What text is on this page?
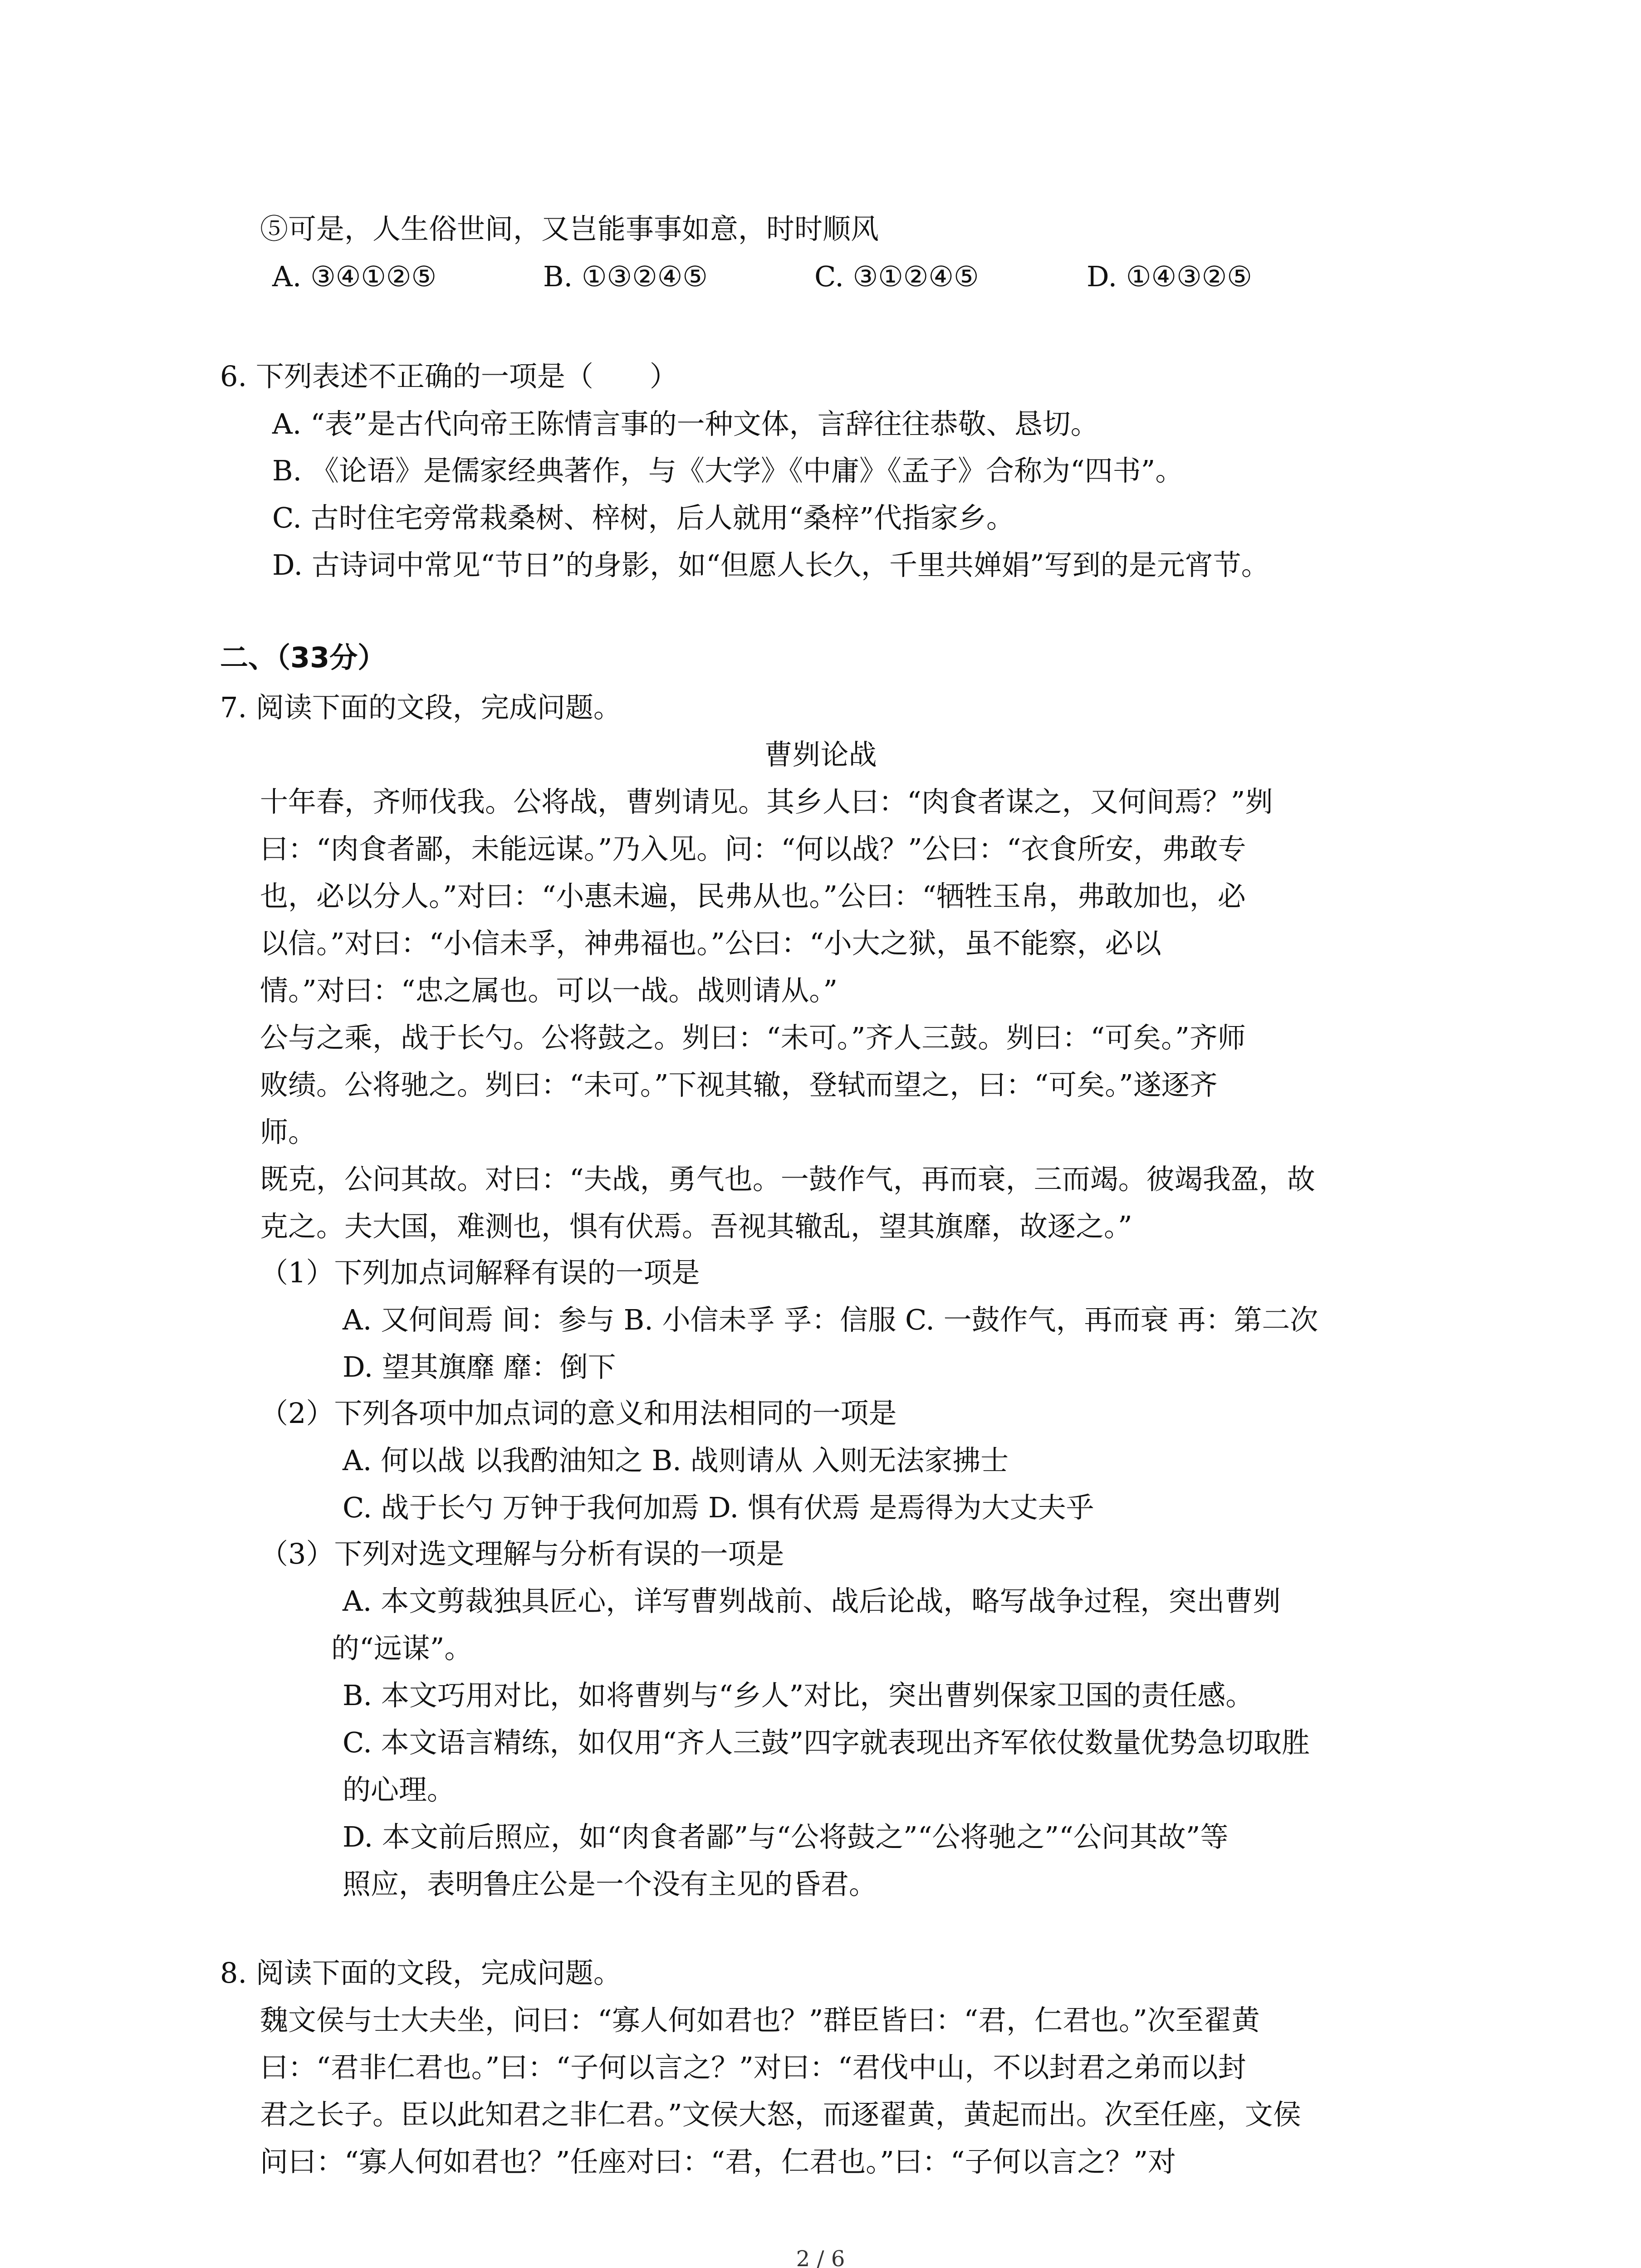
⑤可是，人生俗世间，又岂能事事如意，时时顺风
A. ③④①②⑤	B. ①③②④⑤	C. ③①②④⑤	D. ①④③②⑤
6. 下列表述不正确的一项是（　　）
A. “表”是古代向帝王陈情言事的一种文体，言辞往往恭敬、恳切。
B. 《论语》是儒家经典著作，与《大学》《中庸》《孟子》合称为“四书”。
C. 古时住宅旁常栽桑树、梓树，后人就用“桑梓”代指家乡。
D. 古诗词中常见“节日”的身影，如“但愿人长久，千里共婵娟”写到的是元宵节。
二、（33分）
7. 阅读下面的文段，完成问题。
曹刿论战
十年春，齐师伐我。公将战，曹刿请见。其乡人曰：“肉食者谋之，又何间焉？”刿
曰：“肉食者鄙，未能远谋。”乃入见。问：“何以战？”公曰：“衣食所安，弗敢专
也，必以分人。”对曰：“小惠未遍，民弗从也。”公曰：“牺牲玉帛，弗敢加也，必
以信。”对曰：“小信未孚，神弗福也。”公曰：“小大之狱，虽不能察，必以
情。”对曰：“忠之属也。可以一战。战则请从。”
公与之乘，战于长勺。公将鼓之。刿曰：“未可。”齐人三鼓。刿曰：“可矣。”齐师
败绩。公将驰之。刿曰：“未可。”下视其辙，登轼而望之，曰：“可矣。”遂逐齐
师。
既克，公问其故。对曰：“夫战，勇气也。一鼓作气，再而衰，三而竭。彼竭我盈，故
克之。夫大国，难测也，惧有伏焉。吾视其辙乱，望其旗靡，故逐之。”
（1）下列加点词解释有误的一项是
A. 又何间焉 间：参与 B. 小信未孚 孚：信服 C. 一鼓作气，再而衰 再：第二次
D. 望其旗靡 靡：倒下
（2）下列各项中加点词的意义和用法相同的一项是
A. 何以战 以我酌油知之 B. 战则请从 入则无法家拂士
C. 战于长勺 万钟于我何加焉 D. 惧有伏焉 是焉得为大丈夫乎
（3）下列对选文理解与分析有误的一项是
A. 本文剪裁独具匠心，详写曹刿战前、战后论战，略写战争过程，突出曹刿
的“远谋”。
B. 本文巧用对比，如将曹刿与“乡人”对比，突出曹刿保家卫国的责任感。
C. 本文语言精练，如仅用“齐人三鼓”四字就表现出齐军依仗数量优势急切取胜
的心理。
D. 本文前后照应，如“肉食者鄙”与“公将鼓之”“公将驰之”“公问其故”等
照应，表明鲁庄公是一个没有主见的昏君。
8. 阅读下面的文段，完成问题。
魏文侯与士大夫坐，问曰：“寡人何如君也？”群臣皆曰：“君，仁君也。”次至翟黄
曰：“君非仁君也。”曰：“子何以言之？”对曰：“君伐中山，不以封君之弟而以封
君之长子。臣以此知君之非仁君。”文侯大怒，而逐翟黄，黄起而出。次至任座，文侯
问曰：“寡人何如君也？”任座对曰：“君，仁君也。”曰：“子何以言之？”对
2 / 6
